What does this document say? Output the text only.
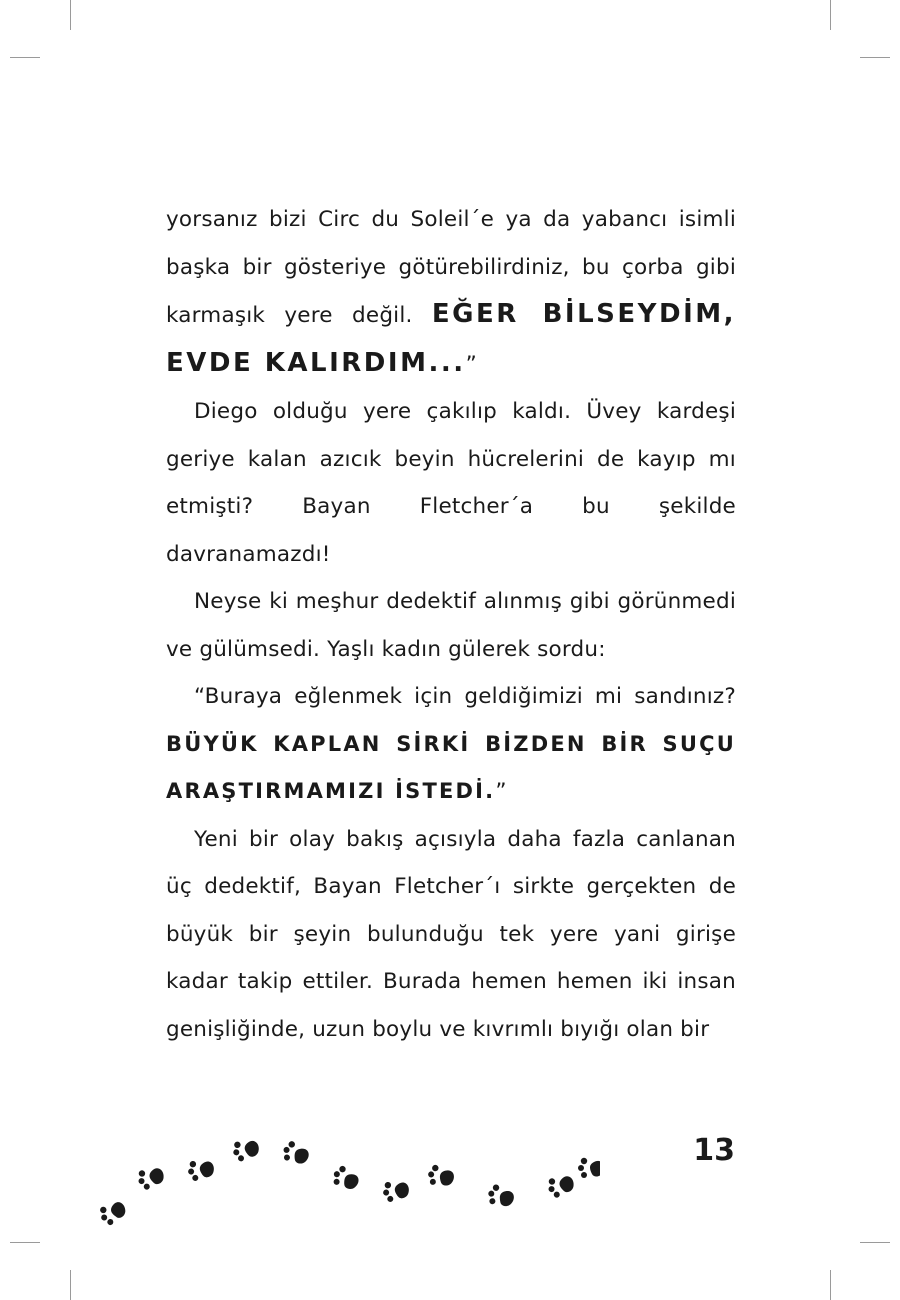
yorsanız bizi Circ du Soleil´e ya da yabancı isimli başka bir gösteriye götürebilirdiniz, bu çorba gibi karmaşık yere değil. EĞER BİLSEYDİM, EVDE KALIRDIM...”

Diego olduğu yere çakılıp kaldı. Üvey kardeşi geriye kalan azıcık beyin hücrelerini de kayıp mı etmişti? Bayan Fletcher´a bu şekilde davranamazdı!

Neyse ki meşhur dedektif alınmış gibi görünmedi ve gülümsedi. Yaşlı kadın gülerek sordu:

“Buraya eğlenmek için geldiğimizi mi sandınız? BÜYÜK KAPLAN SİRKİ BİZDEN BİR SUÇU ARAŞTIRMAMIZI İSTEDİ.”

Yeni bir olay bakış açısıyla daha fazla canlanan üç dedektif, Bayan Fletcher´ı sirkte gerçekten de büyük bir şeyin bulunduğu tek yere yani girişe kadar takip ettiler. Burada hemen hemen iki insan genişliğinde, uzun boylu ve kıvrımlı bıyığı olan bir

13
